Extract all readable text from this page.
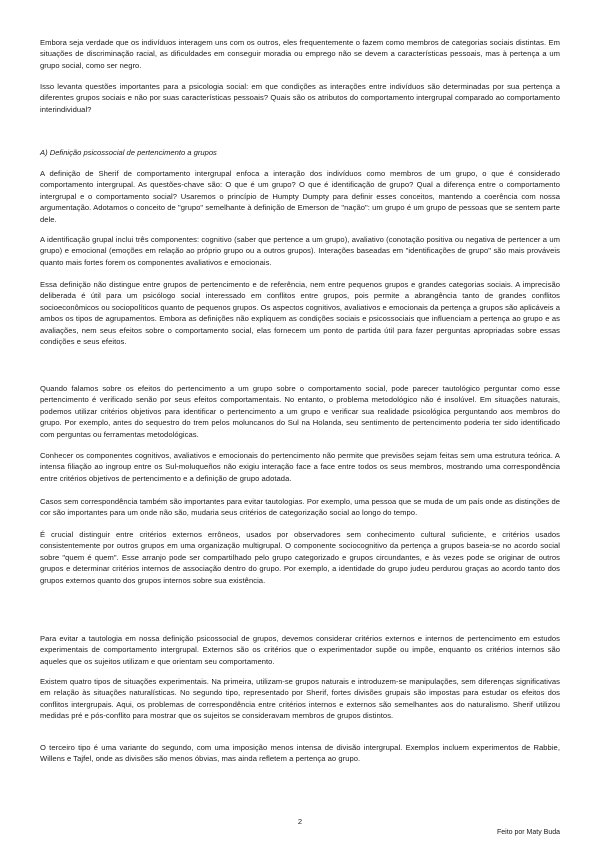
Embora seja verdade que os indivíduos interagem uns com os outros, eles frequentemente o fazem como membros de categorias sociais distintas. Em situações de discriminação racial, as dificuldades em conseguir moradia ou emprego não se devem a características pessoais, mas à pertença a um grupo social, como ser negro.

Isso levanta questões importantes para a psicologia social: em que condições as interações entre indivíduos são determinadas por sua pertença a diferentes grupos sociais e não por suas características pessoais? Quais são os atributos do comportamento intergrupal comparado ao comportamento interindividual?

A) Definição psicossocial de pertencimento a grupos

A definição de Sherif de comportamento intergrupal enfoca a interação dos indivíduos como membros de um grupo, o que é considerado comportamento intergrupal. As questões-chave são: O que é um grupo? O que é identificação de grupo? Qual a diferença entre o comportamento intergrupal e o comportamento social? Usaremos o princípio de Humpty Dumpty para definir esses conceitos, mantendo a coerência com nossa argumentação. Adotamos o conceito de "grupo" semelhante à definição de Emerson de "nação": um grupo é um grupo de pessoas que se sentem parte dele.

A identificação grupal inclui três componentes: cognitivo (saber que pertence a um grupo), avaliativo (conotação positiva ou negativa de pertencer a um grupo) e emocional (emoções em relação ao próprio grupo ou a outros grupos). Interações baseadas em "identificações de grupo" são mais prováveis quanto mais fortes forem os componentes avaliativos e emocionais.

Essa definição não distingue entre grupos de pertencimento e de referência, nem entre pequenos grupos e grandes categorias sociais. A imprecisão deliberada é útil para um psicólogo social interessado em conflitos entre grupos, pois permite a abrangência tanto de grandes conflitos socioeconômicos ou sociopolíticos quanto de pequenos grupos. Os aspectos cognitivos, avaliativos e emocionais da pertença a grupos são aplicáveis a ambos os tipos de agrupamentos. Embora as definições não expliquem as condições sociais e psicossociais que influenciam a pertença ao grupo e as avaliações, nem seus efeitos sobre o comportamento social, elas fornecem um ponto de partida útil para fazer perguntas apropriadas sobre essas condições e seus efeitos.

Quando falamos sobre os efeitos do pertencimento a um grupo sobre o comportamento social, pode parecer tautológico perguntar como esse pertencimento é verificado senão por seus efeitos comportamentais. No entanto, o problema metodológico não é insolúvel. Em situações naturais, podemos utilizar critérios objetivos para identificar o pertencimento a um grupo e verificar sua realidade psicológica perguntando aos membros do grupo. Por exemplo, antes do sequestro do trem pelos moluncanos do Sul na Holanda, seu sentimento de pertencimento poderia ter sido identificado com perguntas ou ferramentas metodológicas.

Conhecer os componentes cognitivos, avaliativos e emocionais do pertencimento não permite que previsões sejam feitas sem uma estrutura teórica. A intensa filiação ao ingroup entre os Sul-moluqueños não exigiu interação face a face entre todos os seus membros, mostrando uma correspondência entre critérios objetivos de pertencimento e a definição de grupo adotada.

Casos sem correspondência também são importantes para evitar tautologias. Por exemplo, uma pessoa que se muda de um país onde as distinções de cor são importantes para um onde não são, mudaria seus critérios de categorização social ao longo do tempo.

É crucial distinguir entre critérios externos errôneos, usados por observadores sem conhecimento cultural suficiente, e critérios usados consistentemente por outros grupos em uma organização multigrupal. O componente sociocognitivo da pertença a grupos baseia-se no acordo social sobre "quem é quem". Esse arranjo pode ser compartilhado pelo grupo categorizado e grupos circundantes, e às vezes pode se originar de outros grupos e determinar critérios internos de associação dentro do grupo. Por exemplo, a identidade do grupo judeu perdurou graças ao acordo tanto dos grupos externos quanto dos grupos internos sobre sua existência.

Para evitar a tautologia em nossa definição psicossocial de grupos, devemos considerar critérios externos e internos de pertencimento em estudos experimentais de comportamento intergrupal. Externos são os critérios que o experimentador supõe ou impõe, enquanto os critérios internos são aqueles que os sujeitos utilizam e que orientam seu comportamento.

Existem quatro tipos de situações experimentais. Na primeira, utilizam-se grupos naturais e introduzem-se manipulações, sem diferenças significativas em relação às situações naturalísticas. No segundo tipo, representado por Sherif, fortes divisões grupais são impostas para estudar os efeitos dos conflitos intergrupais. Aqui, os problemas de correspondência entre critérios internos e externos são semelhantes aos do naturalismo. Sherif utilizou medidas pré e pós-conflito para mostrar que os sujeitos se consideravam membros de grupos distintos.

O terceiro tipo é uma variante do segundo, com uma imposição menos intensa de divisão intergrupal. Exemplos incluem experimentos de Rabbie, Willens e Tajfel, onde as divisões são menos óbvias, mas ainda refletem a pertença ao grupo.

2
Feito por Maty Buda
